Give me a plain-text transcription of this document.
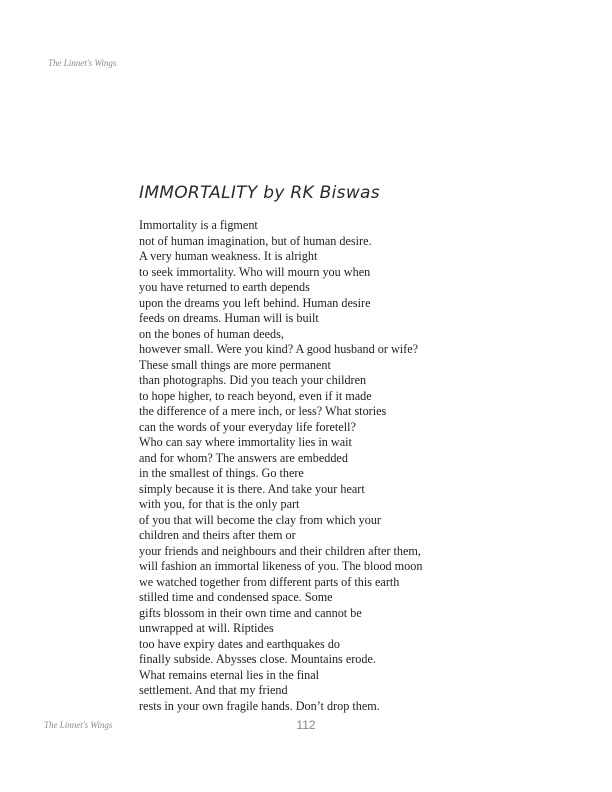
The Linnet's Wings
IMMORTALITY by RK Biswas
Immortality is a figment
not of human imagination, but of human desire.
A very human weakness. It is alright
to seek immortality. Who will mourn you when
you have returned to earth depends
upon the dreams you left behind. Human desire
feeds on dreams. Human will is built
on the bones of human deeds,
however small. Were you kind? A good husband or wife?
These small things are more permanent
than photographs. Did you teach your children
to hope higher, to reach beyond, even if it made
the difference of a mere inch, or less? What stories
can the words of your everyday life foretell?
Who can say where immortality lies in wait
and for whom? The answers are embedded
in the smallest of things. Go there
simply because it is there. And take your heart
with you, for that is the only part
of you that will become the clay from which your
children and theirs after them or
your friends and neighbours and their children after them,
will fashion an immortal likeness of you. The blood moon
we watched together from different parts of this earth
stilled time and condensed space. Some
gifts blossom in their own time and cannot be
unwrapped at will. Riptides
too have expiry dates and earthquakes do
finally subside. Abysses close. Mountains erode.
What remains eternal lies in the final
settlement. And that my friend
rests in your own fragile hands. Don’t drop them.
The Linnet's Wings	112
